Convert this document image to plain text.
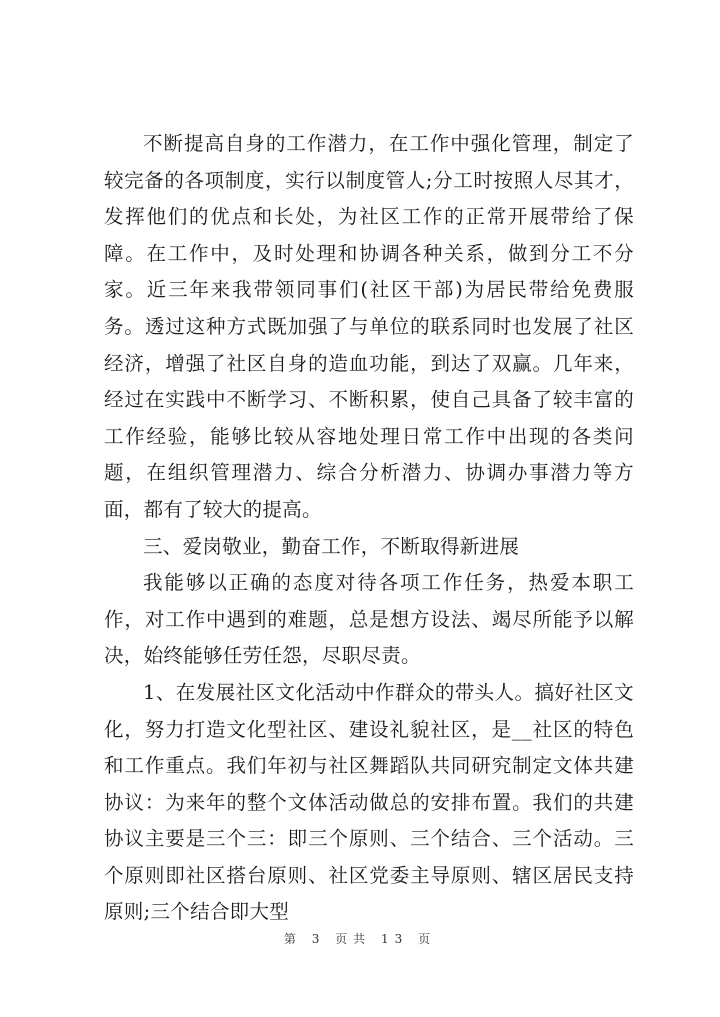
不断提高自身的工作潜力，在工作中强化管理，制定了较完备的各项制度，实行以制度管人;分工时按照人尽其才，发挥他们的优点和长处，为社区工作的正常开展带给了保障。在工作中，及时处理和协调各种关系，做到分工不分家。近三年来我带领同事们(社区干部)为居民带给免费服务。透过这种方式既加强了与单位的联系同时也发展了社区经济，增强了社区自身的造血功能，到达了双赢。几年来，经过在实践中不断学习、不断积累，使自己具备了较丰富的工作经验，能够比较从容地处理日常工作中出现的各类问题，在组织管理潜力、综合分析潜力、协调办事潜力等方面，都有了较大的提高。

三、爱岗敬业，勤奋工作，不断取得新进展

我能够以正确的态度对待各项工作任务，热爱本职工作，对工作中遇到的难题，总是想方设法、竭尽所能予以解决，始终能够任劳任怨，尽职尽责。

1、在发展社区文化活动中作群众的带头人。搞好社区文化，努力打造文化型社区、建设礼貌社区，是__社区的特色和工作重点。我们年初与社区舞蹈队共同研究制定文体共建协议：为来年的整个文体活动做总的安排布置。我们的共建协议主要是三个三：即三个原则、三个结合、三个活动。三个原则即社区搭台原则、社区党委主导原则、辖区居民支持原则;三个结合即大型

第 3 页共 13 页
